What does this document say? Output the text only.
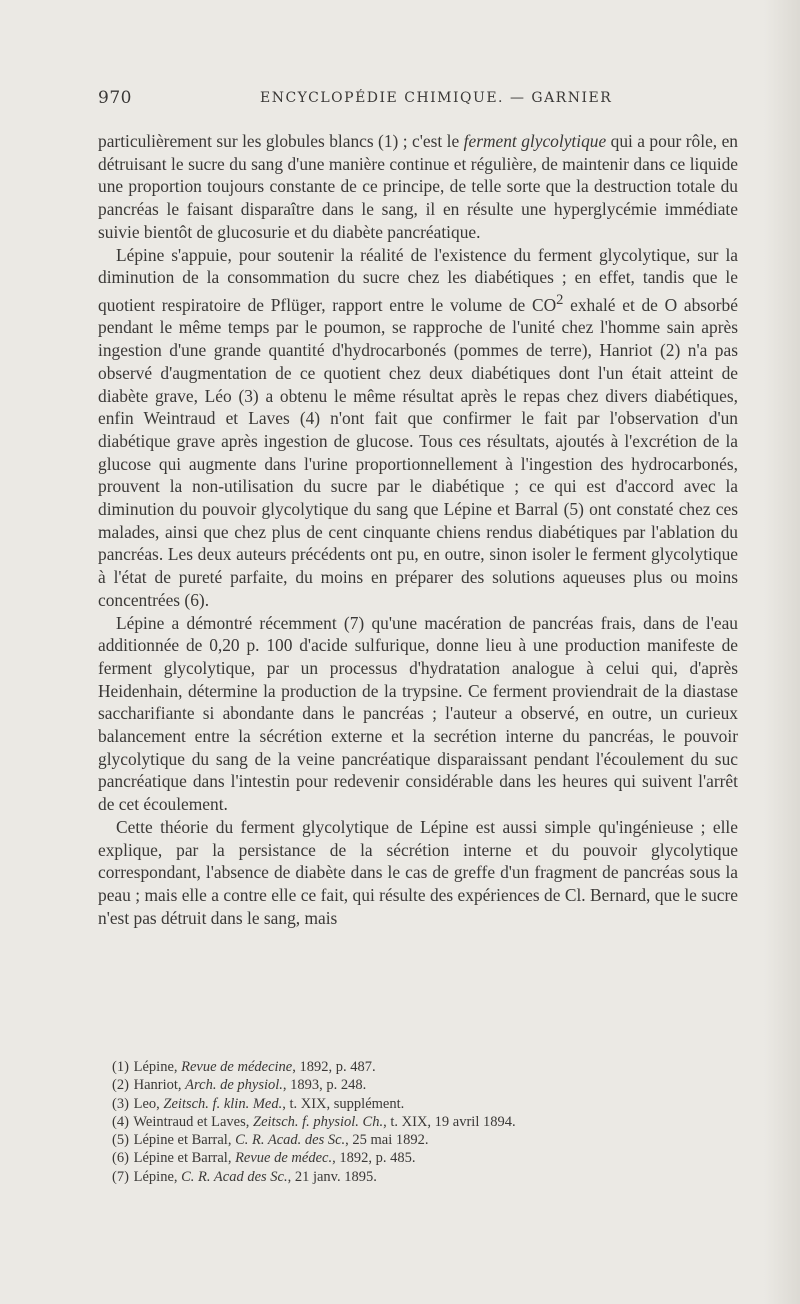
970	ENCYCLOPÉDIE CHIMIQUE. — GARNIER

particulièrement sur les globules blancs (1) ; c'est le ferment glycolytique qui a pour rôle, en détruisant le sucre du sang d'une manière continue et régulière, de maintenir dans ce liquide une proportion toujours constante de ce principe, de telle sorte que la destruction totale du pancréas le faisant disparaître dans le sang, il en résulte une hyperglycémie immédiate suivie bientôt de glucosurie et du diabète pancréatique.

Lépine s'appuie, pour soutenir la réalité de l'existence du ferment glycolytique, sur la diminution de la consommation du sucre chez les diabétiques ; en effet, tandis que le quotient respiratoire de Pflüger, rapport entre le volume de $CO^2$ exhalé et de O absorbé pendant le même temps par le poumon, se rapproche de l'unité chez l'homme sain après ingestion d'une grande quantité d'hydrocarbonés (pommes de terre), Hanriot (2) n'a pas observé d'augmentation de ce quotient chez deux diabétiques dont l'un était atteint de diabète grave, Léo (3) a obtenu le même résultat après le repas chez divers diabétiques, enfin Weintraud et Laves (4) n'ont fait que confirmer le fait par l'observation d'un diabétique grave après ingestion de glucose. Tous ces résultats, ajoutés à l'excrétion de la glucose qui augmente dans l'urine proportionnellement à l'ingestion des hydrocarbonés, prouvent la non-utilisation du sucre par le diabétique ; ce qui est d'accord avec la diminution du pouvoir glycolytique du sang que Lépine et Barral (5) ont constaté chez ces malades, ainsi que chez plus de cent cinquante chiens rendus diabétiques par l'ablation du pancréas. Les deux auteurs précédents ont pu, en outre, sinon isoler le ferment glycolytique à l'état de pureté parfaite, du moins en préparer des solutions aqueuses plus ou moins concentrées (6).

Lépine a démontré récemment (7) qu'une macération de pancréas frais, dans de l'eau additionnée de 0,20 p. 100 d'acide sulfurique, donne lieu à une production manifeste de ferment glycolytique, par un processus d'hydratation analogue à celui qui, d'après Heidenhain, détermine la production de la trypsine. Ce ferment proviendrait de la diastase saccharifiante si abondante dans le pancréas ; l'auteur a observé, en outre, un curieux balancement entre la sécrétion externe et la secrétion interne du pancréas, le pouvoir glycolytique du sang de la veine pancréatique disparaissant pendant l'écoulement du suc pancréatique dans l'intestin pour redevenir considérable dans les heures qui suivent l'arrêt de cet écoulement.

Cette théorie du ferment glycolytique de Lépine est aussi simple qu'ingénieuse ; elle explique, par la persistance de la sécrétion interne et du pouvoir glycolytique correspondant, l'absence de diabète dans le cas de greffe d'un fragment de pancréas sous la peau ; mais elle a contre elle ce fait, qui résulte des expériences de Cl. Bernard, que le sucre n'est pas détruit dans le sang, mais

(1) Lépine, Revue de médecine, 1892, p. 487.

(2) Hanriot, Arch. de physiol., 1893, p. 248.

(3) Leo, Zeitsch. f. klin. Med., t. XIX, supplément.

(4) Weintraud et Laves, Zeitsch. f. physiol. Ch., t. XIX, 19 avril 1894.

(5) Lépine et Barral, C. R. Acad. des Sc., 25 mai 1892.

(6) Lépine et Barral, Revue de médec., 1892, p. 485.

(7) Lépine, C. R. Acad des Sc., 21 janv. 1895.
